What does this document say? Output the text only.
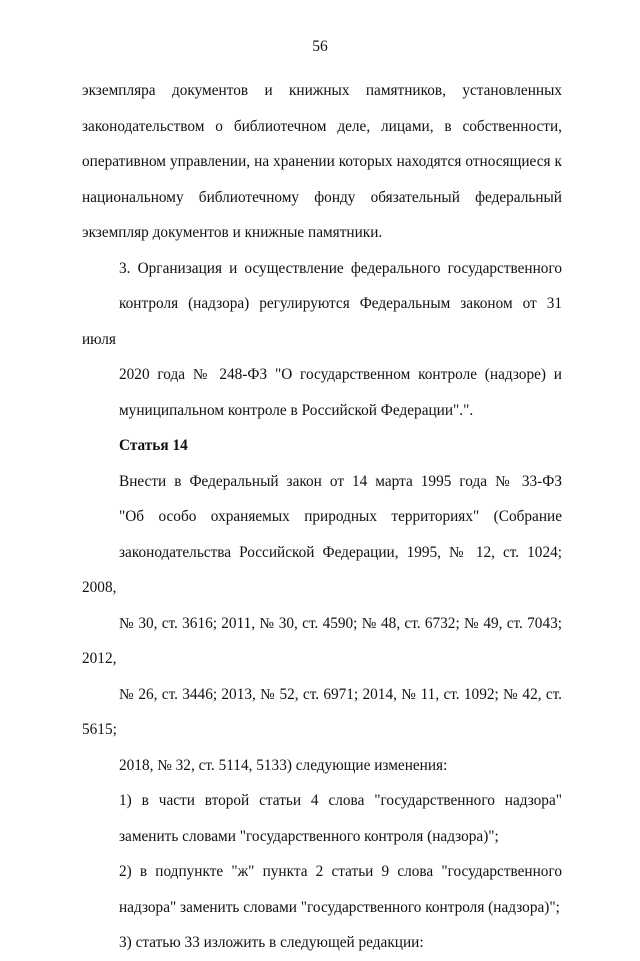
56

экземпляра документов и книжных памятников, установленных
законодательством о библиотечном деле, лицами, в собственности,
оперативном управлении, на хранении которых находятся относящиеся к
национальному библиотечному фонду обязательный федеральный
экземпляр документов и книжные памятники.

3. Организация и осуществление федерального государственного
контроля (надзора) регулируются Федеральным законом от 31 июля
2020 года № 248-ФЗ "О государственном контроле (надзоре) и
муниципальном контроле в Российской Федерации".".

Статья 14

Внести в Федеральный закон от 14 марта 1995 года № 33-ФЗ
"Об особо охраняемых природных территориях" (Собрание
законодательства Российской Федерации, 1995, № 12, ст. 1024; 2008,
№ 30, ст. 3616; 2011, № 30, ст. 4590; № 48, ст. 6732; № 49, ст. 7043; 2012,
№ 26, ст. 3446; 2013, № 52, ст. 6971; 2014, № 11, ст. 1092; № 42, ст. 5615;
2018, № 32, ст. 5114, 5133) следующие изменения:

1) в части второй статьи 4 слова "государственного надзора"
заменить словами "государственного контроля (надзора)";

2) в подпункте "ж" пункта 2 статьи 9 слова "государственного
надзора" заменить словами "государственного контроля (надзора)";

3) статью 33 изложить в следующей редакции:
